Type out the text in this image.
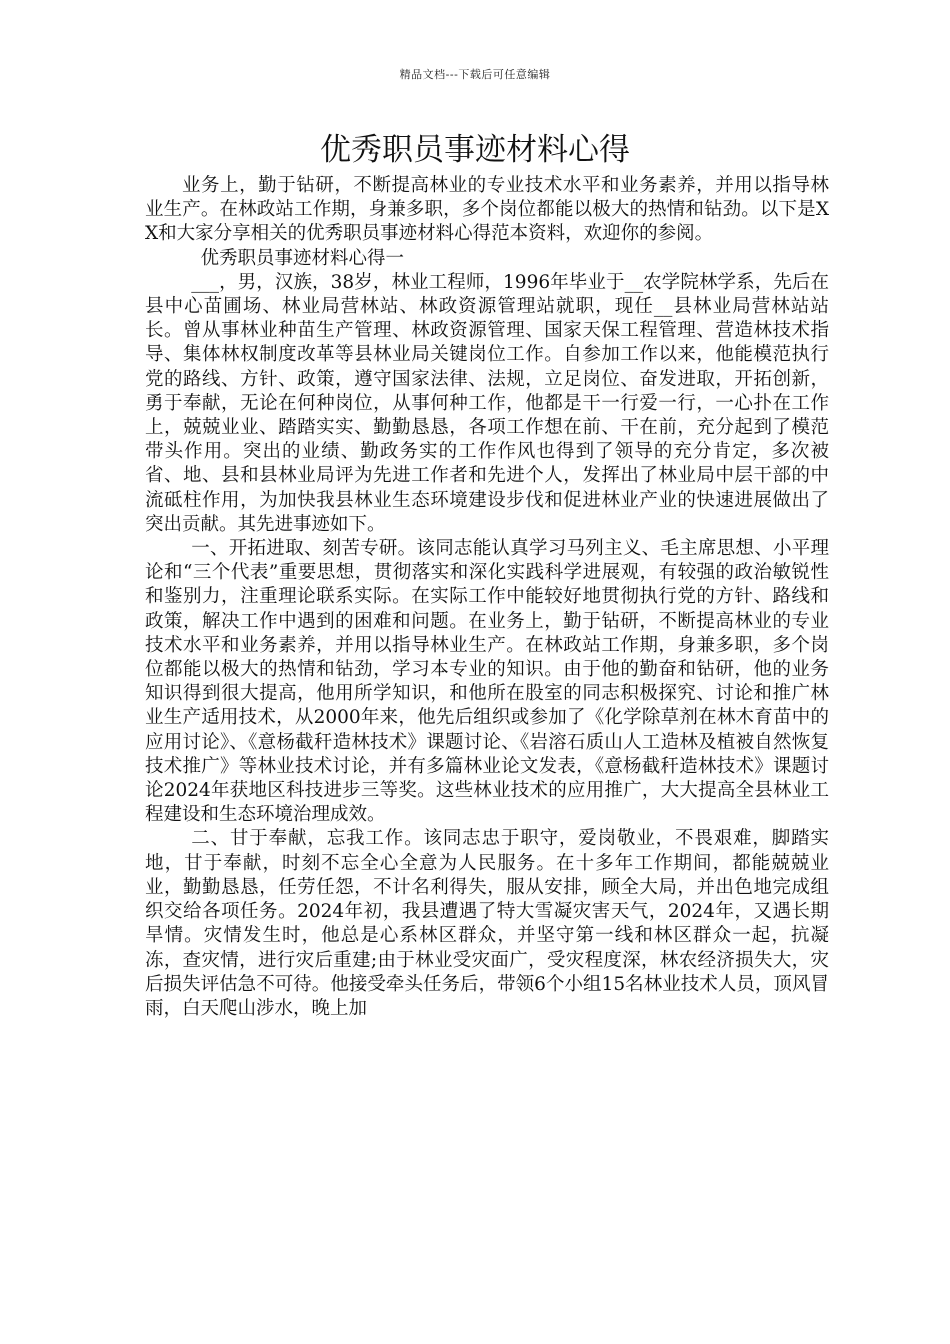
精品文档---下载后可任意编辑
优秀职员事迹材料心得

业务上，勤于钻研，不断提高林业的专业技术水平和业务素养，并用以指导林业生产。在林政站工作期，身兼多职，多个岗位都能以极大的热情和钻劲。以下是XX和大家分享相关的优秀职员事迹材料心得范本资料，欢迎你的参阅。

优秀职员事迹材料心得一

___，男，汉族，38岁，林业工程师，1996年毕业于__农学院林学系，先后在县中心苗圃场、林业局营林站、林政资源管理站就职，现任__县林业局营林站站长。曾从事林业种苗生产管理、林政资源管理、国家天保工程管理、营造林技术指导、集体林权制度改革等县林业局关键岗位工作。自参加工作以来，他能模范执行党的路线、方针、政策，遵守国家法律、法规，立足岗位、奋发进取，开拓创新，勇于奉献，无论在何种岗位，从事何种工作，他都是干一行爱一行，一心扑在工作上，兢兢业业、踏踏实实、勤勤恳恳，各项工作想在前、干在前，充分起到了模范带头作用。突出的业绩、勤政务实的工作作风也得到了领导的充分肯定，多次被省、地、县和县林业局评为先进工作者和先进个人，发挥出了林业局中层干部的中流砥柱作用，为加快我县林业生态环境建设步伐和促进林业产业的快速进展做出了突出贡献。其先进事迹如下。

一、开拓进取、刻苦专研。该同志能认真学习马列主义、毛主席思想、小平理论和“三个代表”重要思想，贯彻落实和深化实践科学进展观，有较强的政治敏锐性和鉴别力，注重理论联系实际。在实际工作中能较好地贯彻执行党的方针、路线和政策，解决工作中遇到的困难和问题。在业务上，勤于钻研，不断提高林业的专业技术水平和业务素养，并用以指导林业生产。在林政站工作期，身兼多职，多个岗位都能以极大的热情和钻劲，学习本专业的知识。由于他的勤奋和钻研，他的业务知识得到很大提高，他用所学知识，和他所在股室的同志积极探究、讨论和推广林业生产适用技术，从2000年来，他先后组织或参加了《化学除草剂在林木育苗中的应用讨论》、《意杨截秆造林技术》课题讨论、《岩溶石质山人工造林及植被自然恢复技术推广》等林业技术讨论，并有多篇林业论文发表，《意杨截秆造林技术》课题讨论2024年获地区科技进步三等奖。这些林业技术的应用推广，大大提高全县林业工程建设和生态环境治理成效。

二、甘于奉献，忘我工作。该同志忠于职守，爱岗敬业，不畏艰难，脚踏实地，甘于奉献，时刻不忘全心全意为人民服务。在十多年工作期间，都能兢兢业业，勤勤恳恳，任劳任怨，不计名利得失，服从安排，顾全大局，并出色地完成组织交给各项任务。2024年初，我县遭遇了特大雪凝灾害天气，2024年，又遇长期旱情。灾情发生时，他总是心系林区群众，并坚守第一线和林区群众一起，抗凝冻，查灾情，进行灾后重建;由于林业受灾面广，受灾程度深，林农经济损失大，灾后损失评估急不可待。他接受牵头任务后，带领6个小组15名林业技术人员，顶风冒雨，白天爬山涉水，晚上加
